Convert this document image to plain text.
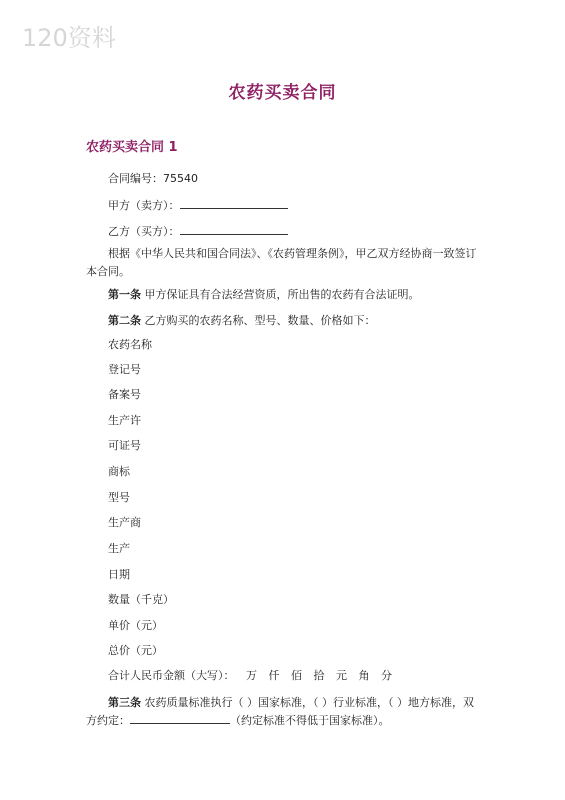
120资料
农药买卖合同
农药买卖合同 1
合同编号：75540
甲方（卖方）：
乙方（买方）：
根据《中华人民共和国合同法》、《农药管理条例》，甲乙双方经协商一致签订本合同。
第一条 甲方保证具有合法经营资质，所出售的农药有合法证明。
第二条 乙方购买的农药名称、型号、数量、价格如下：
农药名称
登记号
备案号
生产许
可证号
商标
型号
生产商
生产
日期
数量（千克）
单价（元）
总价（元）
合计人民币金额（大写）： 万 仟 佰 拾 元 角 分
第三条 农药质量标准执行（ ）国家标准，（ ）行业标准，（ ）地方标准，双方约定：	（约定标准不得低于国家标准）。
